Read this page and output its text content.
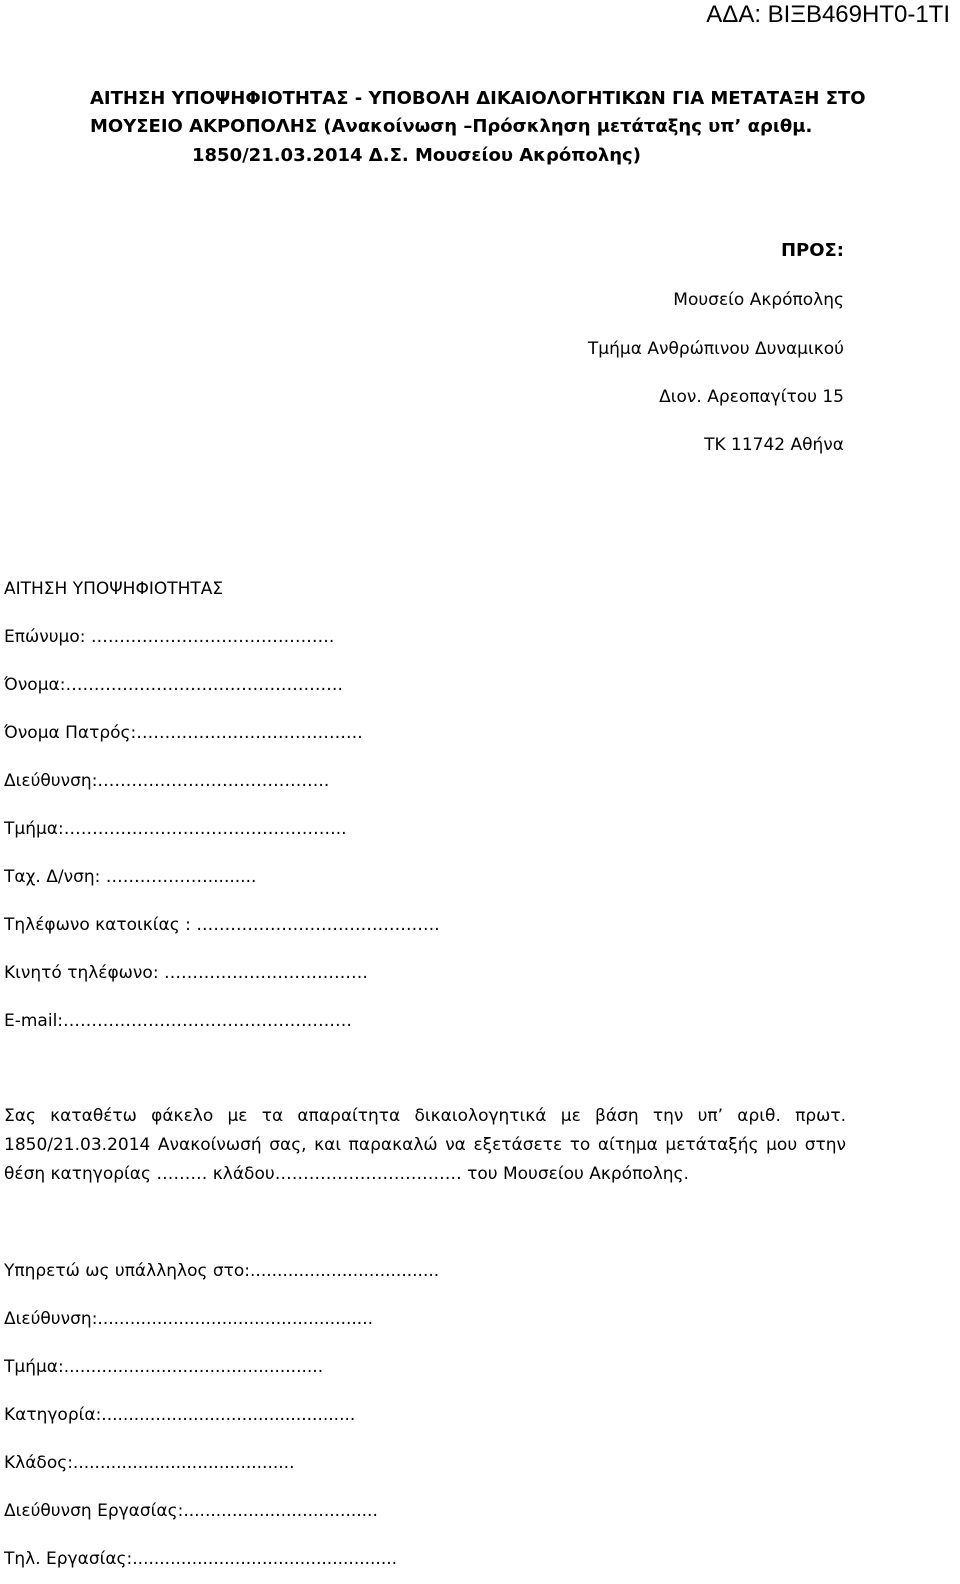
ΑΔΑ: ΒΙΞΒ469ΗΤ0-1ΤΙ
ΑΙΤΗΣΗ ΥΠΟΨΗΦΙΟΤΗΤΑΣ - ΥΠΟΒΟΛΗ ΔΙΚΑΙΟΛΟΓΗΤΙΚΩΝ ΓΙΑ ΜΕΤΑΤΑΞΗ ΣΤΟ
ΜΟΥΣΕΙΟ ΑΚΡΟΠΟΛΗΣ (Ανακοίνωση –Πρόσκληση μετάταξης υπ’ αριθμ.
1850/21.03.2014 Δ.Σ. Μουσείου Ακρόπολης)
ΠΡΟΣ:
Μουσείο Ακρόπολης
Τμήμα Ανθρώπινου Δυναμικού
Διον. Αρεοπαγίτου 15
ΤΚ 11742 Αθήνα
ΑΙΤΗΣΗ ΥΠΟΨΗΦΙΟΤΗΤΑΣ
Επώνυμο: …………………………………….
Όνομα:………………………………………….
Όνομα Πατρός:………………………………….
Διεύθυνση:…………………………………..
Τμήμα:…………………………………………..
Ταχ. Δ/νση: ……………….........
Τηλέφωνο κατοικίας : …………………………………….
Κινητό τηλέφωνο: ………………………………
E-mail:……………………………………………
Σας καταθέτω φάκελο με τα απαραίτητα δικαιολογητικά με βάση την υπ’ αριθ. πρωτ.
1850/21.03.2014 Ανακοίνωσή σας, και παρακαλώ να εξετάσετε το αίτημα μετάταξής μου στην
θέση κατηγορίας ……… κλάδου…………………………… του Μουσείου Ακρόπολης.
Υπηρετώ ως υπάλληλος στο:...................................
Διεύθυνση:...................................................
Τμήμα:................................................
Κατηγορία:...............................................
Κλάδος:.........................................
Διεύθυνση Εργασίας:....................................
Τηλ. Εργασίας:.................................................
